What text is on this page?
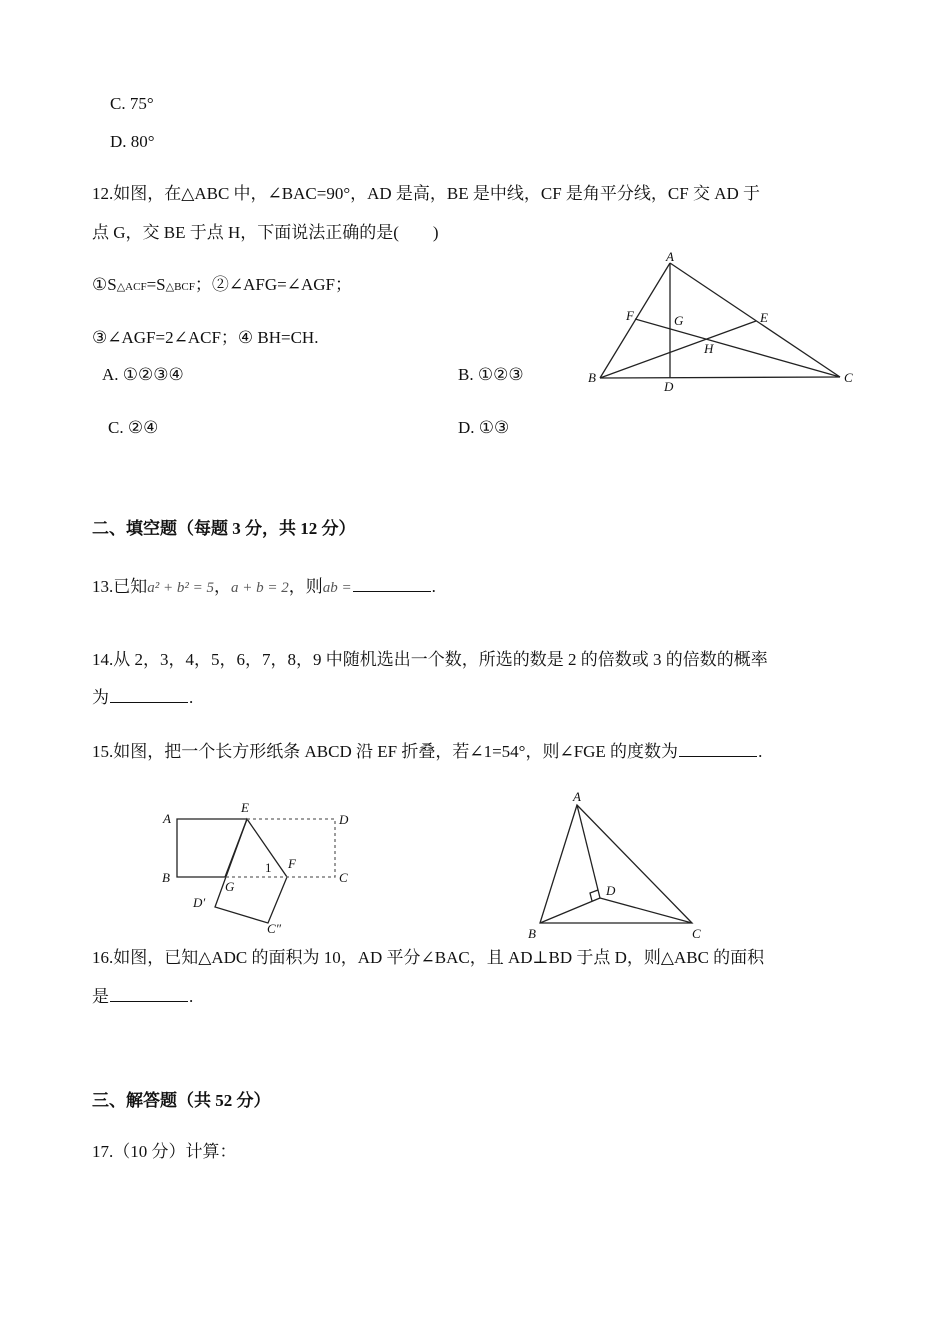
C. 75°
D. 80°
12.如图，在△ABC 中，∠BAC=90°，AD 是高，BE 是中线，CF 是角平分线，CF 交 AD 于
点 G，交 BE 于点 H，下面说法正确的是(　　)
①S△ACF=S△BCF；②∠AFG=∠AGF；
③∠AGF=2∠ACF；④ BH=CH.
A. ①②③④	B. ①②③
C. ②④	D. ①③
A
B	C
D
E
F	G
H
二、填空题（每题 3 分，共 12 分）
13.已知a² + b² = 5，a + b = 2，则ab =	.
14.从 2，3，4，5，6，7，8，9 中随机选出一个数，所选的数是 2 的倍数或 3 的倍数的概率
为	.
15.如图，把一个长方形纸条 ABCD 沿 EF 折叠，若∠1=54°，则∠FGE 的度数为	.
A
B
E
D
C
F
1
G
D′
C″
A
B	C
D
16.如图，已知△ADC 的面积为 10，AD 平分∠BAC，且 AD⊥BD 于点 D，则△ABC 的面积
是	.
三、解答题（共 52 分）
17.（10 分）计算：
